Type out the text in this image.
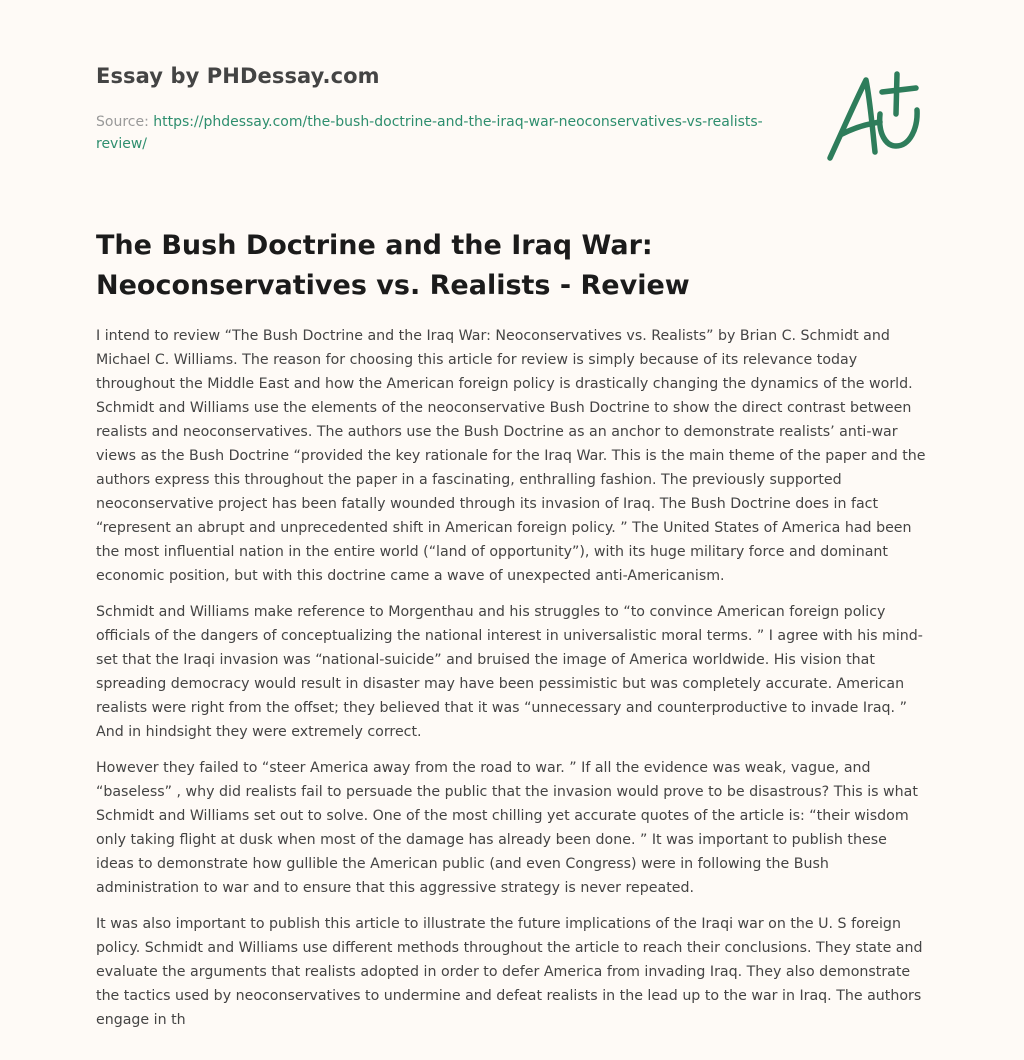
Essay by PHDessay.com
Source: https://phdessay.com/the-bush-doctrine-and-the-iraq-war-neoconservatives-vs-realists-review/
The Bush Doctrine and the Iraq War: Neoconservatives vs. Realists - Review

I intend to review “The Bush Doctrine and the Iraq War: Neoconservatives vs. Realists” by Brian C. Schmidt and Michael C. Williams. The reason for choosing this article for review is simply because of its relevance today throughout the Middle East and how the American foreign policy is drastically changing the dynamics of the world. Schmidt and Williams use the elements of the neoconservative Bush Doctrine to show the direct contrast between realists and neoconservatives. The authors use the Bush Doctrine as an anchor to demonstrate realists’ anti-war views as the Bush Doctrine “provided the key rationale for the Iraq War. This is the main theme of the paper and the authors express this throughout the paper in a fascinating, enthralling fashion. The previously supported neoconservative project has been fatally wounded through its invasion of Iraq. The Bush Doctrine does in fact “represent an abrupt and unprecedented shift in American foreign policy. ” The United States of America had been the most influential nation in the entire world (“land of opportunity”), with its huge military force and dominant economic position, but with this doctrine came a wave of unexpected anti-Americanism.

Schmidt and Williams make reference to Morgenthau and his struggles to “to convince American foreign policy officials of the dangers of conceptualizing the national interest in universalistic moral terms. ” I agree with his mind-set that the Iraqi invasion was “national-suicide” and bruised the image of America worldwide. His vision that spreading democracy would result in disaster may have been pessimistic but was completely accurate. American realists were right from the offset; they believed that it was “unnecessary and counterproductive to invade Iraq. ” And in hindsight they were extremely correct.

However they failed to “steer America away from the road to war. ” If all the evidence was weak, vague, and “baseless” , why did realists fail to persuade the public that the invasion would prove to be disastrous? This is what Schmidt and Williams set out to solve. One of the most chilling yet accurate quotes of the article is: “their wisdom only taking flight at dusk when most of the damage has already been done. ” It was important to publish these ideas to demonstrate how gullible the American public (and even Congress) were in following the Bush administration to war and to ensure that this aggressive strategy is never repeated.

It was also important to publish this article to illustrate the future implications of the Iraqi war on the U. S foreign policy. Schmidt and Williams use different methods throughout the article to reach their conclusions. They state and evaluate the arguments that realists adopted in order to defer America from invading Iraq. They also demonstrate the tactics used by neoconservatives to undermine and defeat realists in the lead up to the war in Iraq. The authors engage in th
